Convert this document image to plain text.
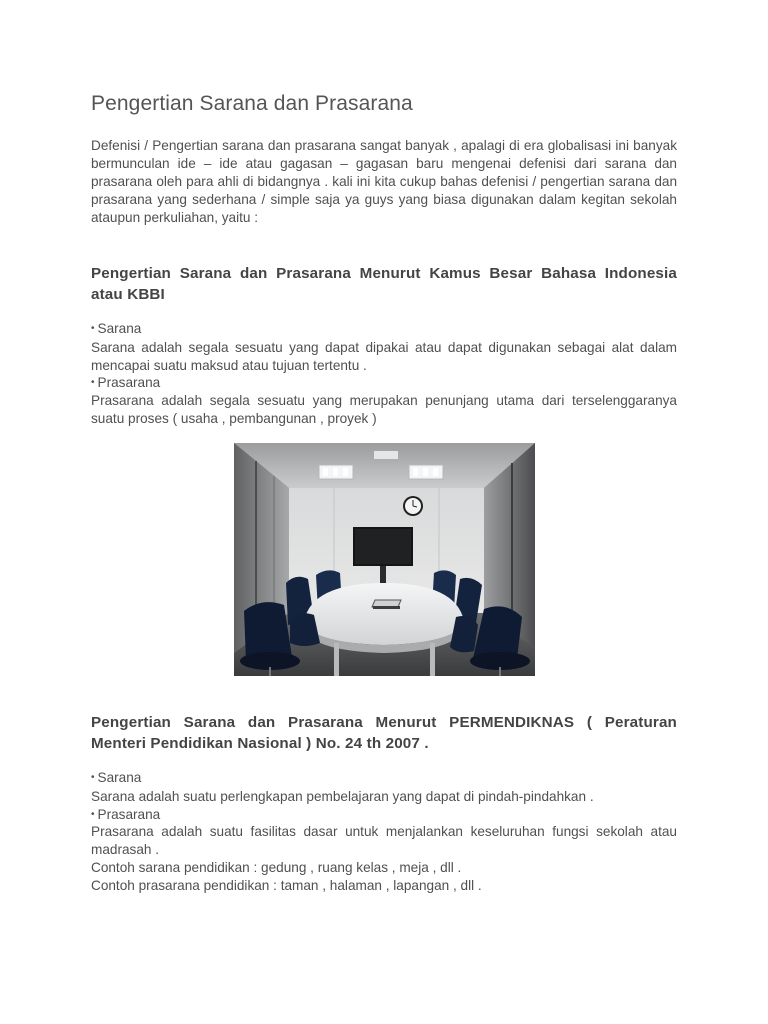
Pengertian Sarana dan Prasarana

Defenisi / Pengertian sarana dan prasarana sangat banyak , apalagi di era globalisasi ini banyak bermunculan ide – ide atau gagasan – gagasan baru mengenai defenisi dari sarana dan prasarana oleh para ahli di bidangnya . kali ini kita cukup bahas defenisi / pengertian sarana dan prasarana yang sederhana / simple saja ya guys yang biasa digunakan dalam kegitan sekolah ataupun perkuliahan, yaitu :

Pengertian Sarana dan Prasarana Menurut Kamus Besar Bahasa Indonesia atau KBBI

• Sarana

Sarana adalah segala sesuatu yang dapat dipakai atau dapat digunakan sebagai alat dalam mencapai suatu maksud atau tujuan tertentu .

• Prasarana

Prasarana adalah segala sesuatu yang merupakan penunjang utama dari terselenggaranya suatu proses ( usaha , pembangunan , proyek )

Pengertian Sarana dan Prasarana Menurut PERMENDIKNAS ( Peraturan Menteri Pendidikan Nasional ) No. 24 th 2007 .

• Sarana

Sarana adalah suatu perlengkapan pembelajaran yang dapat di pindah-pindahkan .

• Prasarana

Prasarana adalah suatu fasilitas dasar untuk menjalankan keseluruhan fungsi sekolah atau madrasah .

Contoh sarana pendidikan : gedung , ruang kelas , meja , dll .

Contoh prasarana pendidikan : taman , halaman , lapangan , dll .
